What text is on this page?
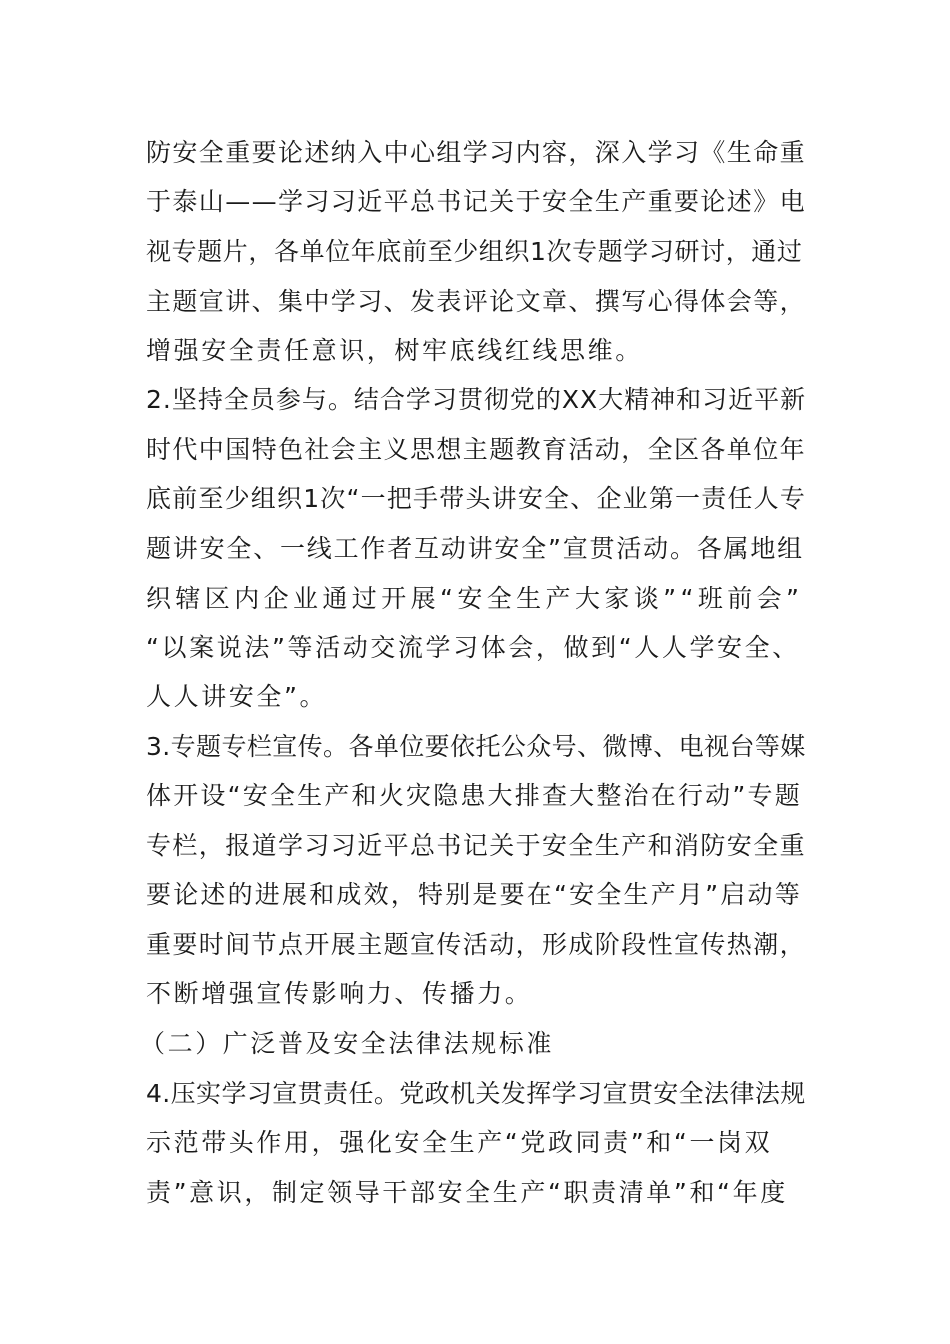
防安全重要论述纳入中心组学习内容，深入学习《生命重
于泰山——学习习近平总书记关于安全生产重要论述》电
视专题片，各单位年底前至少组织1次专题学习研讨，通过
主题宣讲、集中学习、发表评论文章、撰写心得体会等，
增强安全责任意识，树牢底线红线思维。
2.坚持全员参与。结合学习贯彻党的XX大精神和习近平新
时代中国特色社会主义思想主题教育活动，全区各单位年
底前至少组织1次“一把手带头讲安全、企业第一责任人专
题讲安全、一线工作者互动讲安全”宣贯活动。各属地组
织辖区内企业通过开展“安全生产大家谈”“班前会”
“以案说法”等活动交流学习体会，做到“人人学安全、
人人讲安全”。
3.专题专栏宣传。各单位要依托公众号、微博、电视台等媒
体开设“安全生产和火灾隐患大排查大整治在行动”专题
专栏，报道学习习近平总书记关于安全生产和消防安全重
要论述的进展和成效，特别是要在“安全生产月”启动等
重要时间节点开展主题宣传活动，形成阶段性宣传热潮，
不断增强宣传影响力、传播力。
（二）广泛普及安全法律法规标准
4.压实学习宣贯责任。党政机关发挥学习宣贯安全法律法规
示范带头作用，强化安全生产“党政同责”和“一岗双
责”意识，制定领导干部安全生产“职责清单”和“年度
